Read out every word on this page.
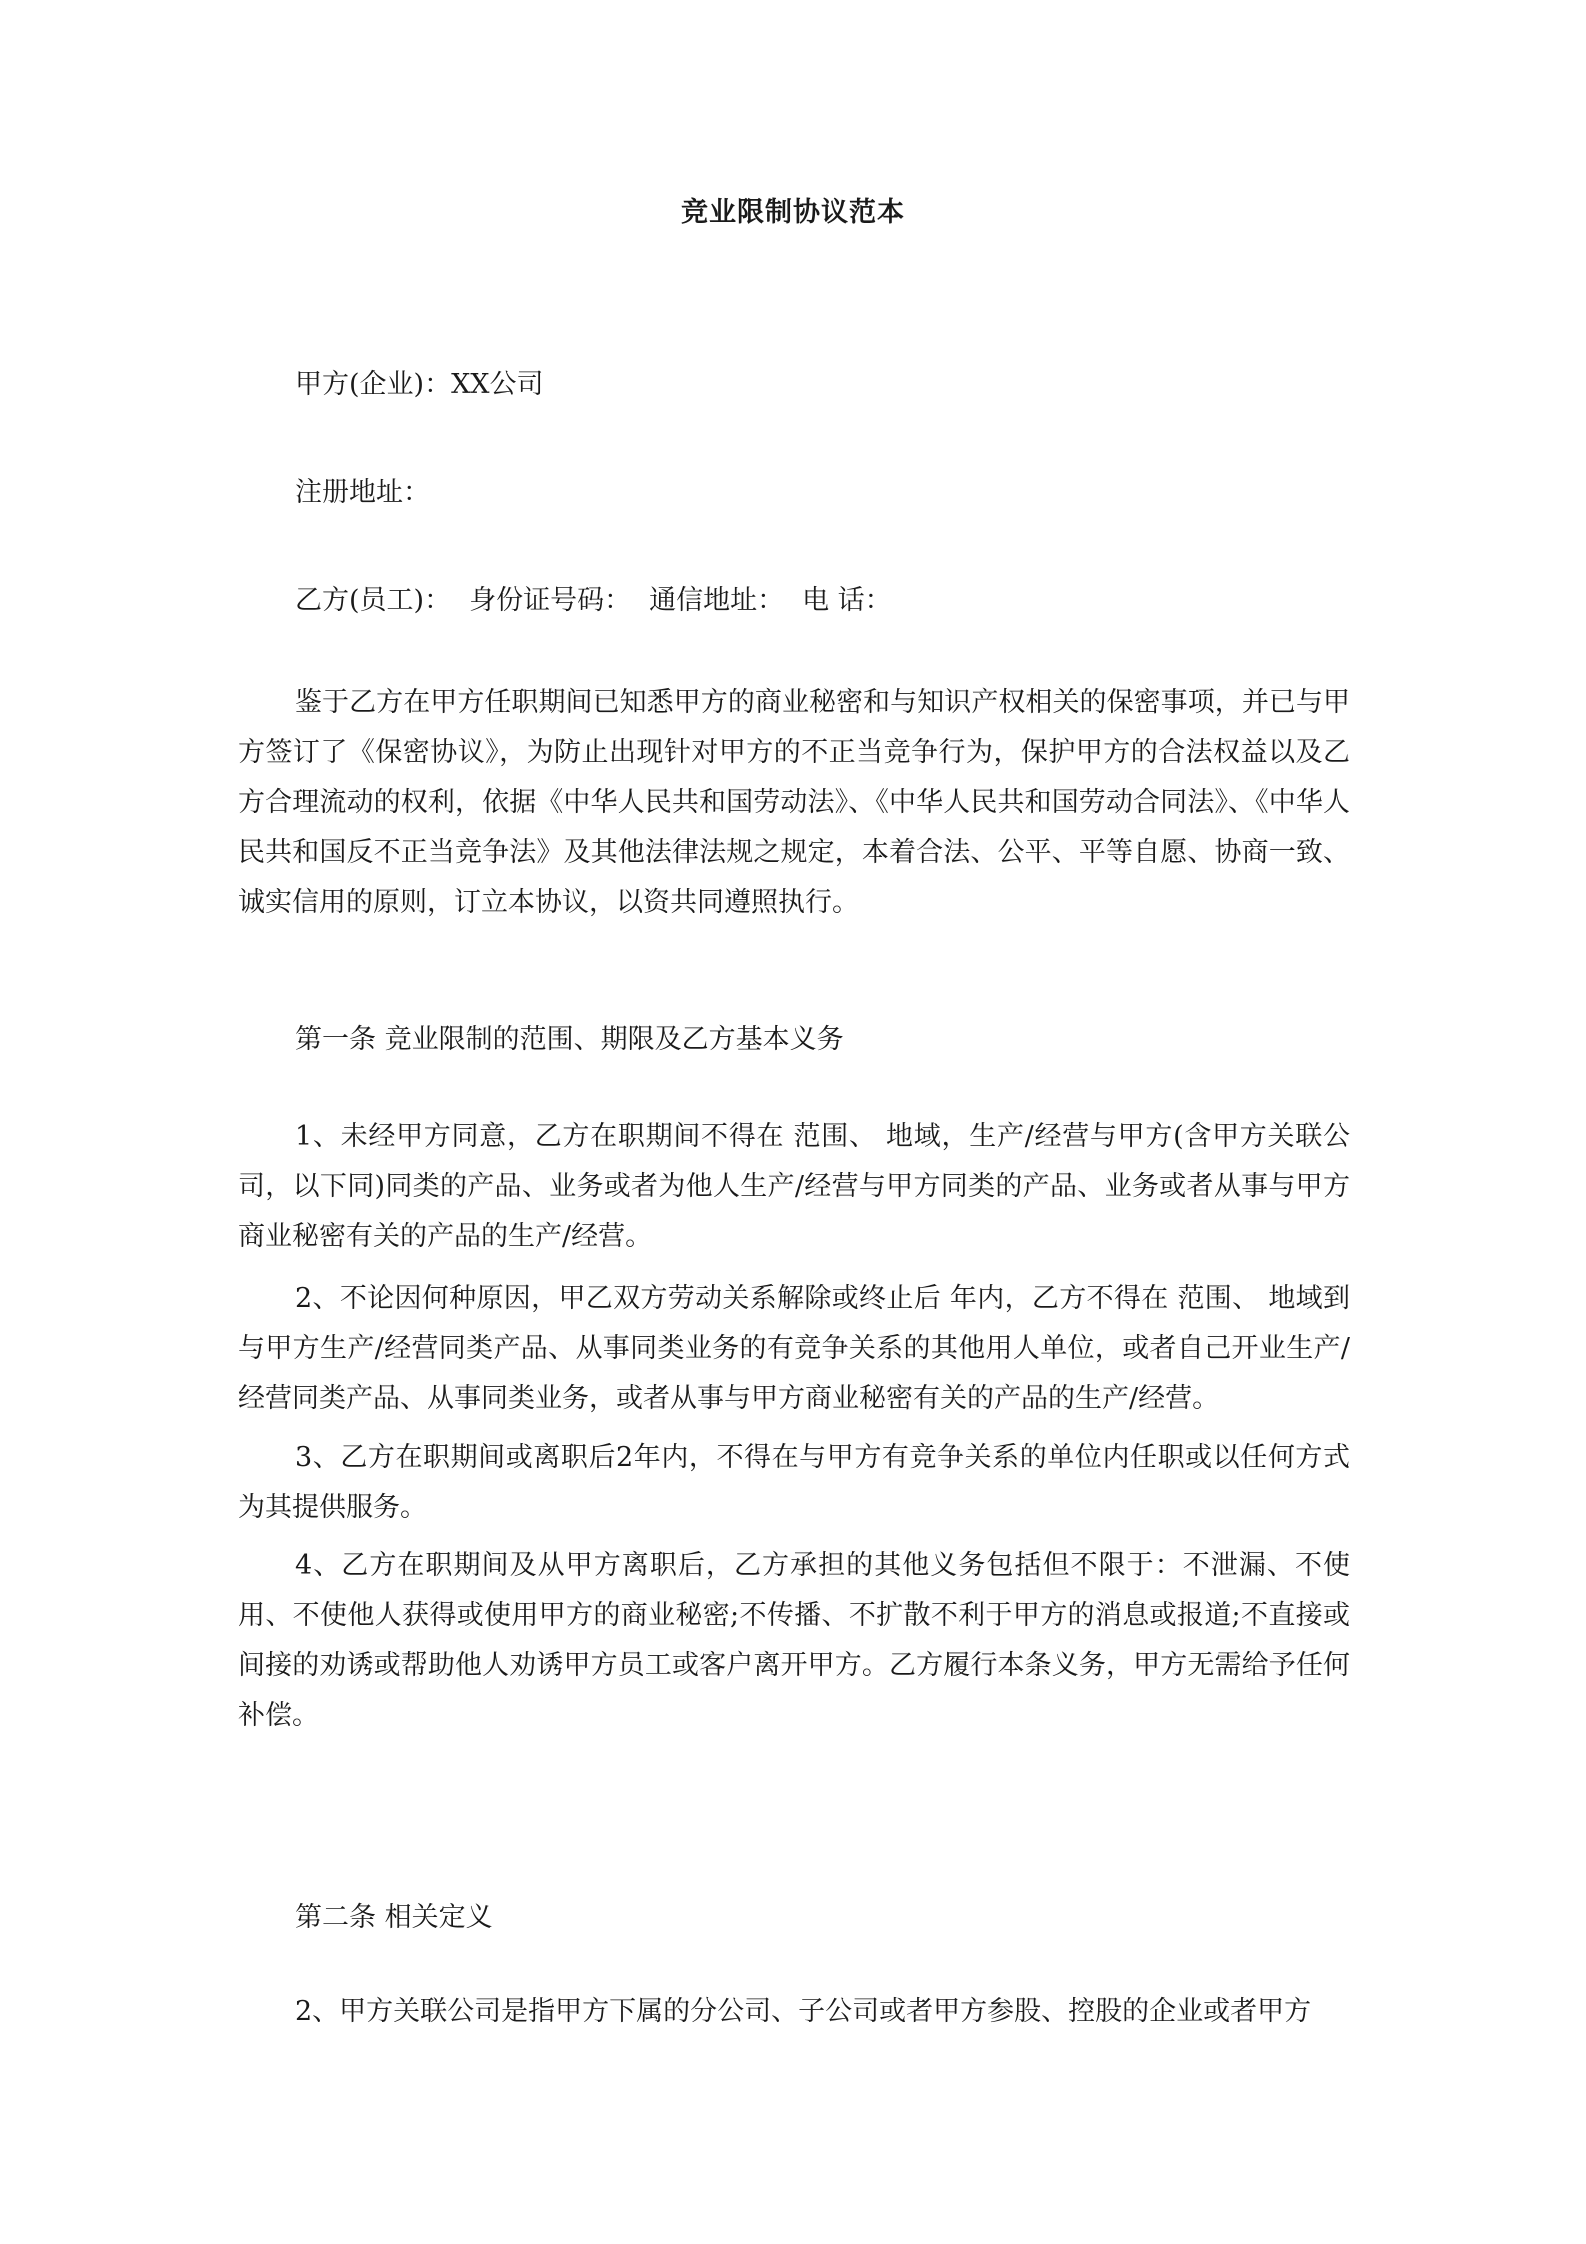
竞业限制协议范本
甲方(企业)：XX公司
注册地址：
乙方(员工)： 身份证号码： 通信地址： 电 话：

鉴于乙方在甲方任职期间已知悉甲方的商业秘密和与知识产权相关的保密事项，并已与甲方签订了《保密协议》，为防止出现针对甲方的不正当竞争行为，保护甲方的合法权益以及乙方合理流动的权利，依据《中华人民共和国劳动法》、《中华人民共和国劳动合同法》、《中华人民共和国反不正当竞争法》及其他法律法规之规定，本着合法、公平、平等自愿、协商一致、诚实信用的原则，订立本协议，以资共同遵照执行。

第一条 竞业限制的范围、期限及乙方基本义务

1、未经甲方同意，乙方在职期间不得在 范围、 地域，生产/经营与甲方(含甲方关联公司，以下同)同类的产品、业务或者为他人生产/经营与甲方同类的产品、业务或者从事与甲方商业秘密有关的产品的生产/经营。

2、不论因何种原因，甲乙双方劳动关系解除或终止后 年内，乙方不得在 范围、 地域到与甲方生产/经营同类产品、从事同类业务的有竞争关系的其他用人单位，或者自己开业生产/经营同类产品、从事同类业务，或者从事与甲方商业秘密有关的产品的生产/经营。

3、乙方在职期间或离职后2年内，不得在与甲方有竞争关系的单位内任职或以任何方式为其提供服务。

4、乙方在职期间及从甲方离职后，乙方承担的其他义务包括但不限于：不泄漏、不使用、不使他人获得或使用甲方的商业秘密;不传播、不扩散不利于甲方的消息或报道;不直接或间接的劝诱或帮助他人劝诱甲方员工或客户离开甲方。乙方履行本条义务，甲方无需给予任何补偿。

第二条 相关定义

2、甲方关联公司是指甲方下属的分公司、子公司或者甲方参股、控股的企业或者甲方
